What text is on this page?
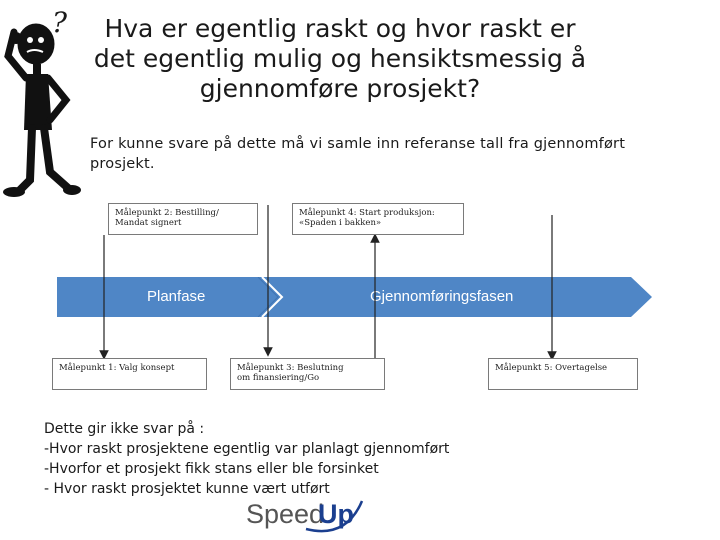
?	Hva er egentlig raskt og hvor raskt er
det egentlig mulig og hensiktsmessig å
gjennomføre prosjekt?
For kunne svare på dette må vi samle inn referanse tall fra gjennomført
prosjekt.
Planfase	Gjennomføringsfasen
Målepunkt 2: Bestilling/
Mandat signert
Målepunkt 4: Start produksjon:
«Spaden i bakken»
Målepunkt 1: Valg konsept	Målepunkt 3: Beslutning
om finansiering/Go
Målepunkt 5: Overtagelse
Dette gir ikke svar på :
-Hvor raskt prosjektene egentlig var planlagt gjennomført
-Hvorfor et prosjekt fikk stans eller ble forsinket
- Hvor raskt prosjektet kunne vært utført
Speed
Up
